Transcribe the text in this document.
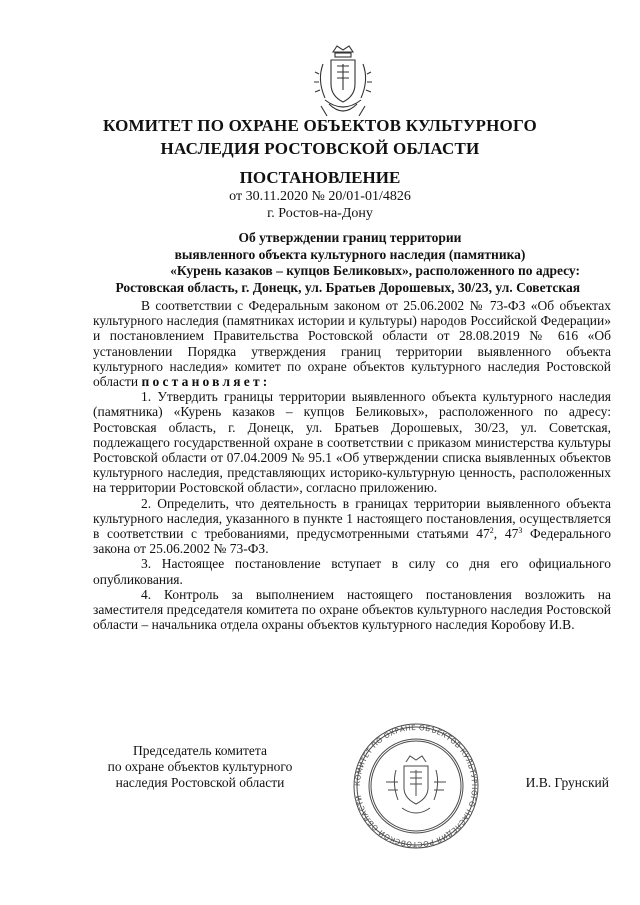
КОМИТЕТ ПО ОХРАНЕ ОБЪЕКТОВ КУЛЬТУРНОГО
НАСЛЕДИЯ РОСТОВСКОЙ ОБЛАСТИ
ПОСТАНОВЛЕНИЕ
от 30.11.2020 № 20/01-01/4826
г. Ростов-на-Дону
Об утверждении границ территории
выявленного объекта культурного наследия (памятника)
«Курень казаков – купцов Беликовых», расположенного по адресу:
Ростовская область, г. Донецк, ул. Братьев Дорошевых, 30/23, ул. Советская

В соответствии с Федеральным законом от 25.06.2002 № 73-ФЗ «Об объектах культурного наследия (памятниках истории и культуры) народов Российской Федерации» и постановлением Правительства Ростовской области от 28.08.2019 № 616 «Об установлении Порядка утверждения границ территории выявленного объекта культурного наследия» комитет по охране объектов культурного наследия Ростовской области постановляет:

1. Утвердить границы территории выявленного объекта культурного наследия (памятника) «Курень казаков – купцов Беликовых», расположенного по адресу: Ростовская область, г. Донецк, ул. Братьев Дорошевых, 30/23, ул. Советская, подлежащего государственной охране в соответствии с приказом министерства культуры Ростовской области от 07.04.2009 № 95.1 «Об утверждении списка выявленных объектов культурного наследия, представляющих историко-культурную ценность, расположенных на территории Ростовской области», согласно приложению.

2. Определить, что деятельность в границах территории выявленного объекта культурного наследия, указанного в пункте 1 настоящего постановления, осуществляется в соответствии с требованиями, предусмотренными статьями $47^2$, $47^3$ Федерального закона от 25.06.2002 № 73-ФЗ.

3. Настоящее постановление вступает в силу со дня его официального опубликования.

4. Контроль за выполнением настоящего постановления возложить на заместителя председателя комитета по охране объектов культурного наследия Ростовской области – начальника отдела охраны объектов культурного наследия Коробову И.В.

Председатель комитета
по охране объектов культурного
наследия Ростовской области	КОМИТЕТ ПО ОХРАНЕ ОБЪЕКТОВ КУЛЬТУРНОГО НАСЛЕДИЯ РОСТОВСКОЙ ОБЛАСТИ
И.В. Грунский
